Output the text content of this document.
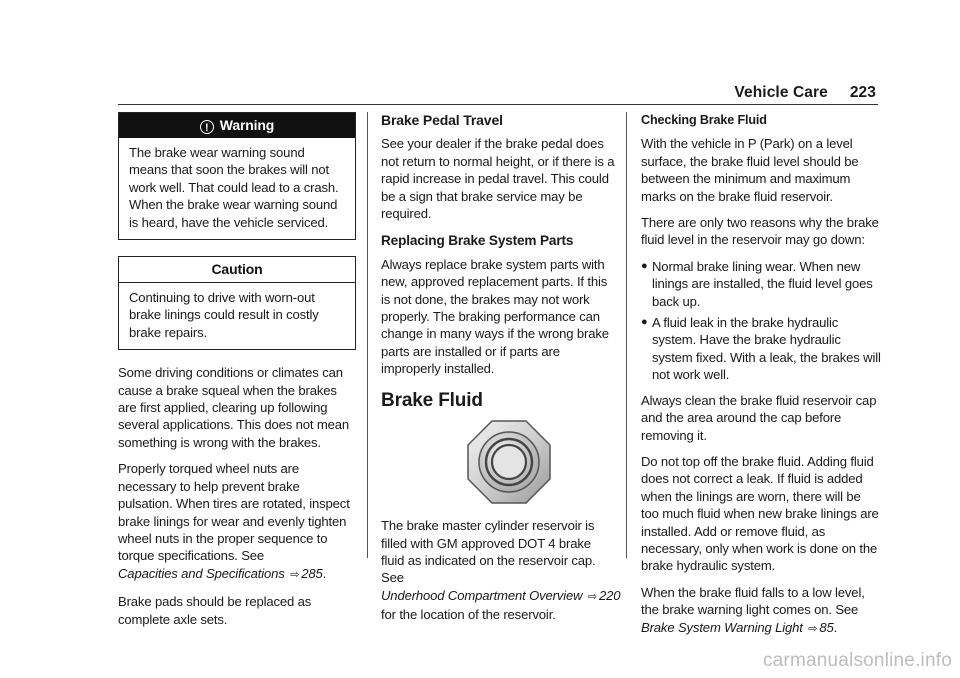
Vehicle Care 223
! Warning
The brake wear warning sound means that soon the brakes will not work well. That could lead to a crash. When the brake wear warning sound is heard, have the vehicle serviced.
Caution
Continuing to drive with worn-out brake linings could result in costly brake repairs.

Some driving conditions or climates can cause a brake squeal when the brakes are first applied, clearing up following several applications. This does not mean something is wrong with the brakes.

Properly torqued wheel nuts are necessary to help prevent brake pulsation. When tires are rotated, inspect brake linings for wear and evenly tighten wheel nuts in the proper sequence to torque specifications. See Capacities and Specifications ⇨ 285.

Brake pads should be replaced as complete axle sets.

Brake Pedal Travel

See your dealer if the brake pedal does not return to normal height, or if there is a rapid increase in pedal travel. This could be a sign that brake service may be required.

Replacing Brake System Parts

Always replace brake system parts with new, approved replacement parts. If this is not done, the brakes may not work properly. The braking performance can change in many ways if the wrong brake parts are installed or if parts are improperly installed.

Brake Fluid

The brake master cylinder reservoir is filled with GM approved DOT 4 brake fluid as indicated on the reservoir cap. See Underhood Compartment Overview ⇨ 220 for the location of the reservoir.

Checking Brake Fluid

With the vehicle in P (Park) on a level surface, the brake fluid level should be between the minimum and maximum marks on the brake fluid reservoir.

There are only two reasons why the brake fluid level in the reservoir may go down:

● Normal brake lining wear. When new linings are installed, the fluid level goes back up.
● A fluid leak in the brake hydraulic system. Have the brake hydraulic system fixed. With a leak, the brakes will not work well.

Always clean the brake fluid reservoir cap and the area around the cap before removing it.

Do not top off the brake fluid. Adding fluid does not correct a leak. If fluid is added when the linings are worn, there will be too much fluid when new brake linings are installed. Add or remove fluid, as necessary, only when work is done on the brake hydraulic system.

When the brake fluid falls to a low level, the brake warning light comes on. See Brake System Warning Light ⇨ 85.

carmanualsonline.info
